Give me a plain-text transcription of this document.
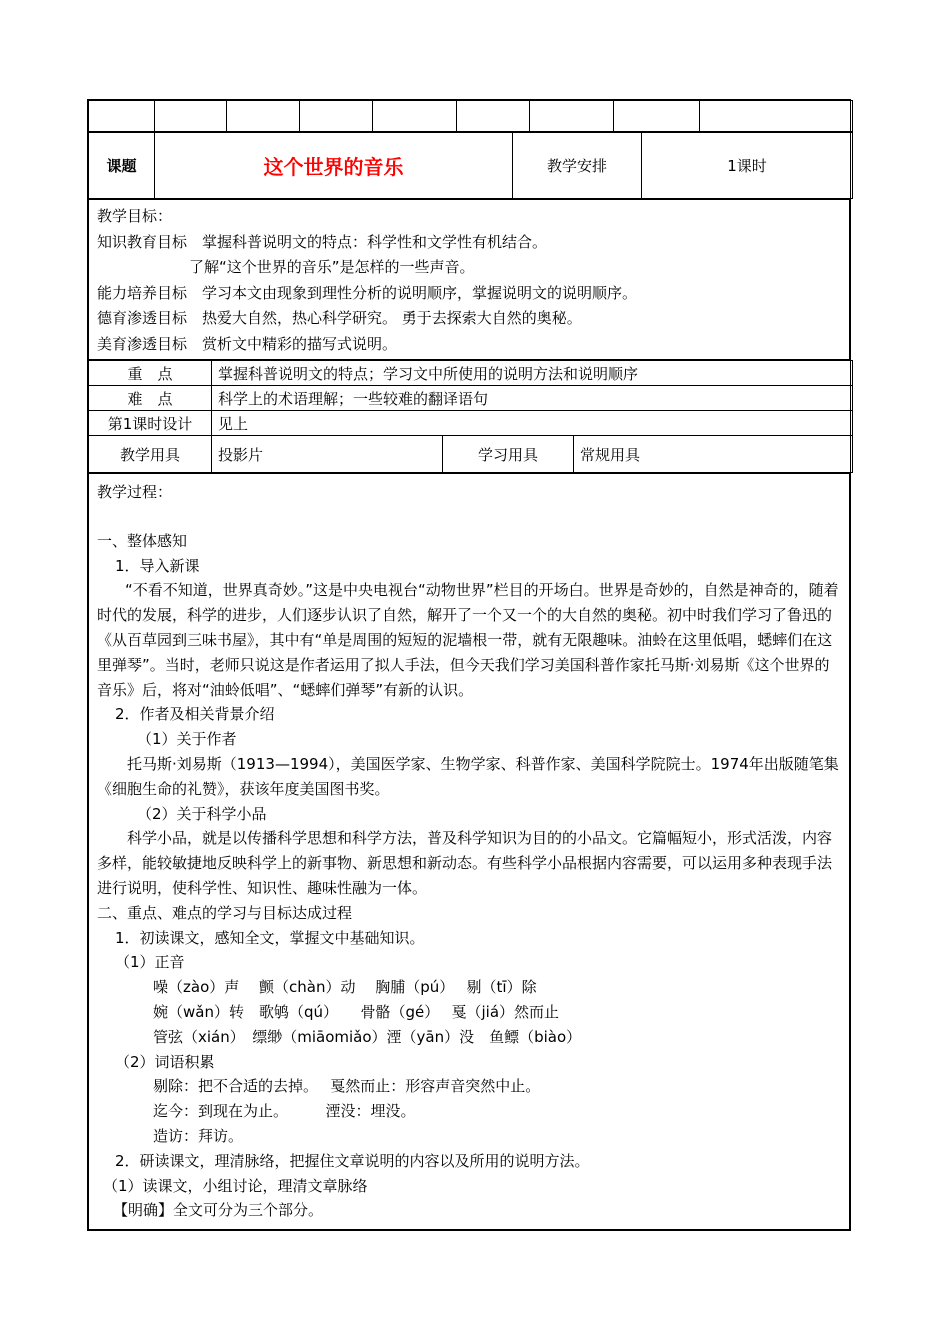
课题	这个世界的音乐	教学安排	1课时

教学目标：

知识教育目标　 掌握科普说明文的特点：科学性和文学性有机结合。

了解“这个世界的音乐”是怎样的一些声音。

能力培养目标　 学习本文由现象到理性分析的说明顺序，掌握说明文的说明顺序。

德育渗透目标　 热爱大自然，热心科学研究。 勇于去探索大自然的奥秘。

美育渗透目标　 赏析文中精彩的描写式说明。

重　点	掌握科普说明文的特点；学习文中所使用的说明方法和说明顺序		
难　点	科学上的术语理解；一些较难的翻译语句		
第1课时设计	见上		
教学用具	投影片	学习用具	常规用具

教学过程：

一、整体感知

1．导入新课

“不看不知道，世界真奇妙。”这是中央电视台“动物世界”栏目的开场白。世界是奇妙的，自然是神奇的，随着时代的发展，科学的进步，人们逐步认识了自然，解开了一个又一个的大自然的奥秘。初中时我们学习了鲁迅的《从百草园到三味书屋》，其中有“单是周围的短短的泥墙根一带，就有无限趣味。油蛉在这里低唱，蟋蟀们在这里弹琴”。当时，老师只说这是作者运用了拟人手法，但今天我们学习美国科普作家托马斯·刘易斯《这个世界的音乐》后，将对“油蛉低唱”、“蟋蟀们弹琴”有新的认识。

2．作者及相关背景介绍

（1）关于作者

托马斯·刘易斯（1913—1994），美国医学家、生物学家、科普作家、美国科学院院士。1974年出版随笔集《细胞生命的礼赞》，获该年度美国图书奖。

（2）关于科学小品

科学小品，就是以传播科学思想和科学方法，普及科学知识为目的的小品文。它篇幅短小，形式活泼，内容多样，能较敏捷地反映科学上的新事物、新思想和新动态。有些科学小品根据内容需要，可以运用多种表现手法进行说明，使科学性、知识性、趣味性融为一体。

二、重点、难点的学习与目标达成过程

1．初读课文，感知全文，掌握文中基础知识。

（1）正音

噪（zào）声　 颤（chàn）动　 胸脯（pú）　 剔（tī）除

婉（wǎn）转　歌鸲（qú）　　骨骼（gé）　 戛（jiá）然而止

管弦（xián）　缥缈（miāomiǎo）湮（yān）没　鱼鳔（biào）

（2）词语积累

剔除：把不合适的去掉。　 戛然而止：形容声音突然中止。

迄今：到现在为止。　　　湮没：埋没。

造访：拜访。

2．研读课文，理清脉络，把握住文章说明的内容以及所用的说明方法。

（1）读课文，小组讨论，理清文章脉络

【明确】全文可分为三个部分。
